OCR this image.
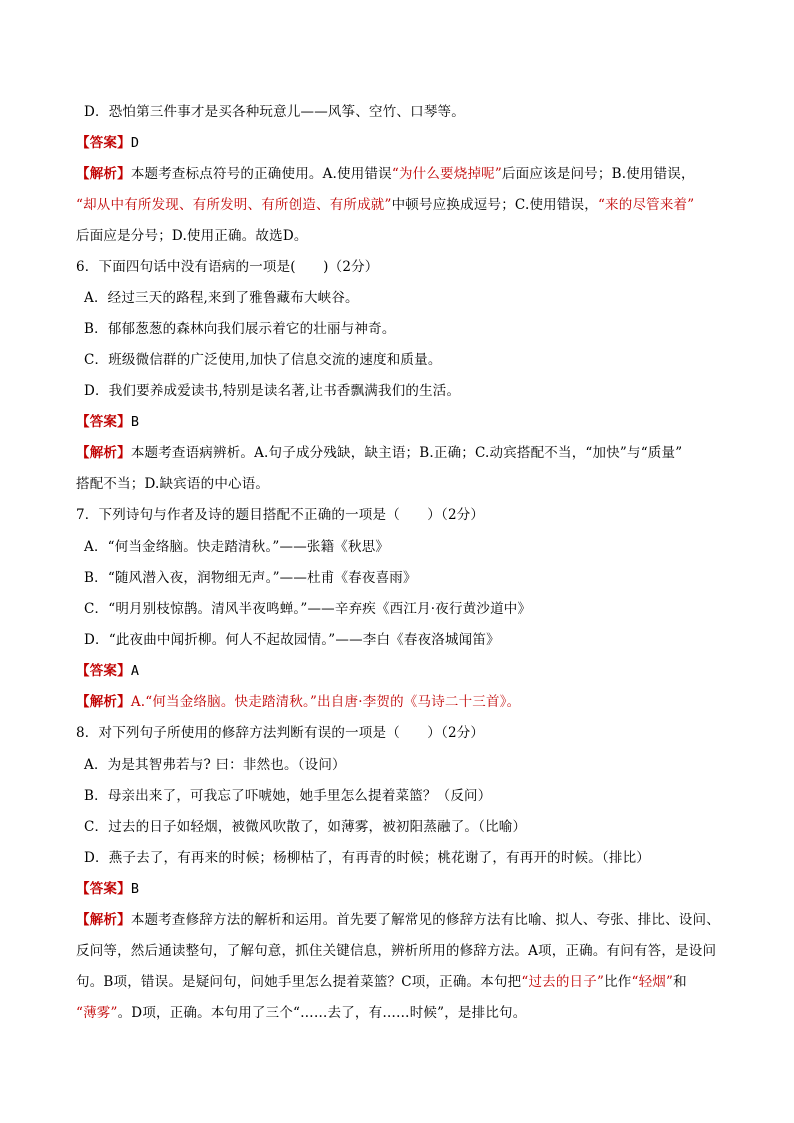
D．恐怕第三件事才是买各种玩意儿——风筝、空竹、口琴等。
【答案】D
【解析】本题考查标点符号的正确使用。A.使用错误“为什么要烧掉呢”后面应该是问号；B.使用错误，
“却从中有所发现、有所发明、有所创造、有所成就”中顿号应换成逗号；C.使用错误，“来的尽管来着”
后面应是分号；D.使用正确。故选D。
6．下面四句话中没有语病的一项是(　　)（2分）
A．经过三天的路程,来到了雅鲁藏布大峡谷。
B．郁郁葱葱的森林向我们展示着它的壮丽与神奇。
C．班级微信群的广泛使用,加快了信息交流的速度和质量。
D．我们要养成爱读书,特别是读名著,让书香飘满我们的生活。
【答案】B
【解析】本题考查语病辨析。A.句子成分残缺，缺主语；B.正确；C.动宾搭配不当，“加快”与“质量”
搭配不当；D.缺宾语的中心语。
7．下列诗句与作者及诗的题目搭配不正确的一项是（　　）（2分）
A．“何当金络脑。快走踏清秋。”——张籍《秋思》
B．“随风潜入夜，润物细无声。”——杜甫《春夜喜雨》
C．“明月别枝惊鹊。清风半夜鸣蝉。”——辛弃疾《西江月·夜行黄沙道中》
D．“此夜曲中闻折柳。何人不起故园情。”——李白《春夜洛城闻笛》
【答案】A
【解析】A.“何当金络脑。快走踏清秋。”出自唐·李贺的《马诗二十三首》。
8．对下列句子所使用的修辞方法判断有误的一项是（　　）（2分）
A．为是其智弗若与? 曰：非然也。（设问）
B．母亲出来了，可我忘了吓唬她，她手里怎么提着菜篮？（反问）
C．过去的日子如轻烟，被微风吹散了，如薄雾，被初阳蒸融了。（比喻）
D．燕子去了，有再来的时候；杨柳枯了，有再青的时候；桃花谢了，有再开的时候。（排比）
【答案】B
【解析】本题考查修辞方法的解析和运用。首先要了解常见的修辞方法有比喻、拟人、夸张、排比、设问、
反问等，然后通读整句，了解句意，抓住关键信息，辨析所用的修辞方法。A项，正确。有问有答，是设问
句。B项，错误。是疑问句，问她手里怎么提着菜篮？C项，正确。本句把“过去的日子”比作“轻烟”和
“薄雾”。D项，正确。本句用了三个“……去了，有……时候”，是排比句。
